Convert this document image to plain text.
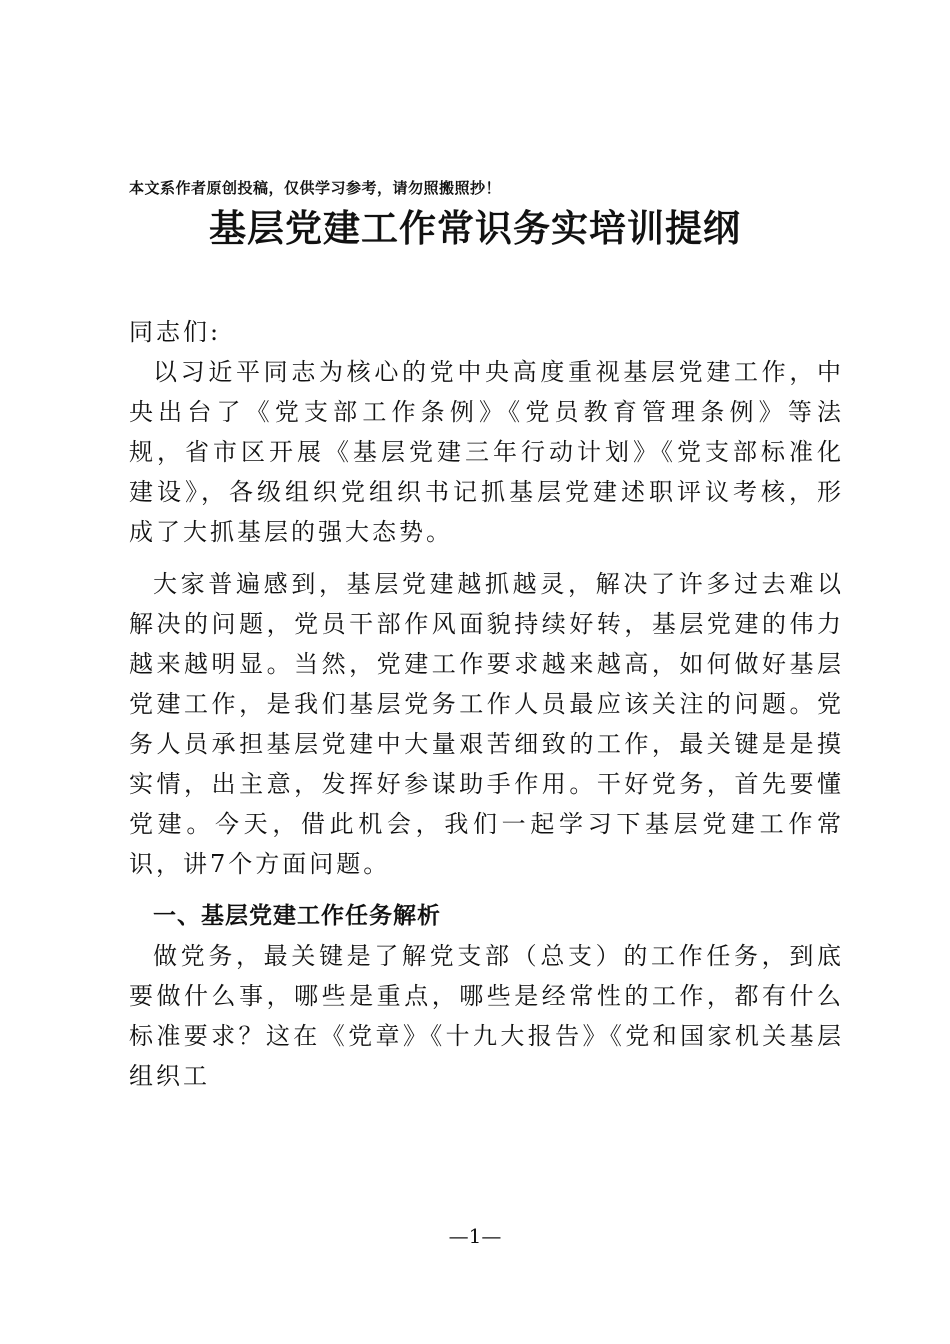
本文系作者原创投稿，仅供学习参考，请勿照搬照抄！
基层党建工作常识务实培训提纲

同志们:

以习近平同志为核心的党中央高度重视基层党建工作，中央出台了《党支部工作条例》《党员教育管理条例》等法规，省市区开展《基层党建三年行动计划》《党支部标准化建设》，各级组织党组织书记抓基层党建述职评议考核，形成了大抓基层的强大态势。

大家普遍感到，基层党建越抓越灵，解决了许多过去难以解决的问题，党员干部作风面貌持续好转，基层党建的伟力越来越明显。当然，党建工作要求越来越高，如何做好基层党建工作，是我们基层党务工作人员最应该关注的问题。党务人员承担基层党建中大量艰苦细致的工作，最关键是是摸实情，出主意，发挥好参谋助手作用。干好党务，首先要懂党建。今天，借此机会，我们一起学习下基层党建工作常识，讲7个方面问题。

一、基层党建工作任务解析

做党务，最关键是了解党支部（总支）的工作任务，到底要做什么事，哪些是重点，哪些是经常性的工作，都有什么标准要求？这在《党章》《十九大报告》《党和国家机关基层组织工

—1—
